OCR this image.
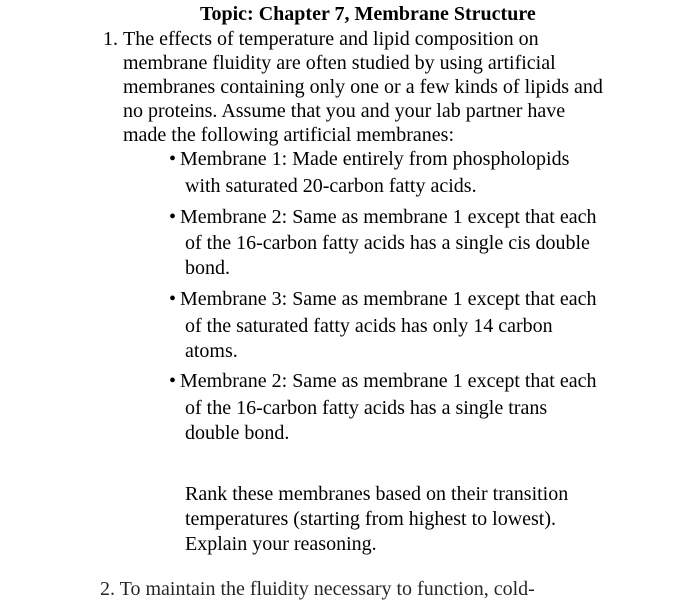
Topic: Chapter 7, Membrane Structure
1. The effects of temperature and lipid composition on
membrane fluidity are often studied by using artificial
membranes containing only one or a few kinds of lipids and
no proteins. Assume that you and your lab partner have
made the following artificial membranes:
• Membrane 1: Made entirely from phospholopids
with saturated 20-carbon fatty acids.
• Membrane 2: Same as membrane 1 except that each
of the 16-carbon fatty acids has a single cis double
bond.
• Membrane 3: Same as membrane 1 except that each
of the saturated fatty acids has only 14 carbon
atoms.
• Membrane 2: Same as membrane 1 except that each
of the 16-carbon fatty acids has a single trans
double bond.
Rank these membranes based on their transition
temperatures (starting from highest to lowest).
Explain your reasoning.
2. To maintain the fluidity necessary to function, cold-
